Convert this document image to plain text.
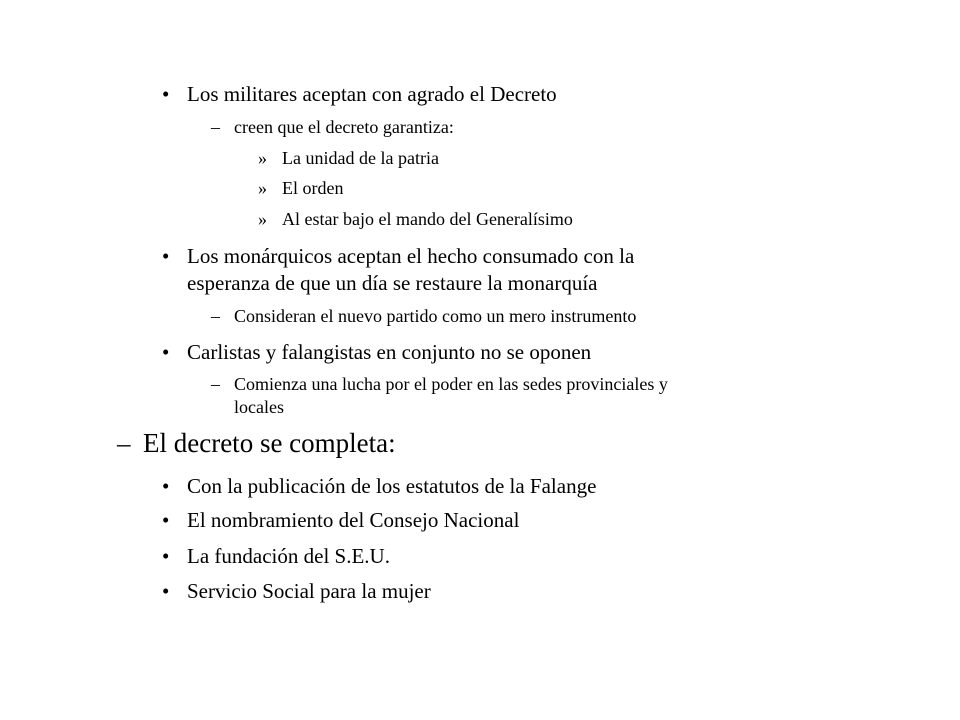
• Los militares aceptan con agrado el Decreto
– creen que el decreto garantiza:
» La unidad de la patria
» El orden
» Al estar bajo el mando del Generalísimo
• Los monárquicos aceptan el hecho consumado con la
esperanza de que un día se restaure la monarquía
– Consideran el nuevo partido como un mero instrumento
• Carlistas y falangistas en conjunto no se oponen
– Comienza una lucha por el poder en las sedes provinciales y
locales
– El decreto se completa:
• Con la publicación de los estatutos de la Falange
• El nombramiento del Consejo Nacional
• La fundación del S.E.U.
• Servicio Social para la mujer
